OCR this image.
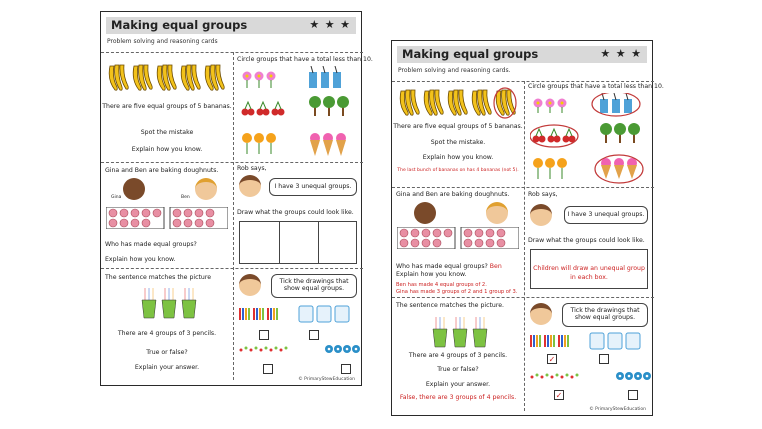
Making equal groups	★ ★ ★
Problem solving and reasoning cards
There are five equal groups of 5 bananas.
Spot the mistake
Explain how you know.
Circle groups that have a total less than 10.
Gina and Ben are baking doughnuts.
Gina	Ben
Who has made equal groups?
Explain how you know.
Rob says,
I have 3 unequal groups.
Draw what the groups could look like.
The sentence matches the picture
There are 4 groups of 3 pencils.
True or false?
Explain your answer.
Tick the drawings that
show equal groups.
© PrimaryStewEducation
Making equal groups	★ ★ ★
Problem solving and reasoning cards.
There are five equal groups of 5 bananas.
Spot the mistake.
Explain how you know.
The last bunch of bananas on has 4 bananas (not 5).
Circle groups that have a total less than 10.
Gina and Ben are baking doughnuts.
Who has made equal groups? Ben
Explain how you know.
Ben has made 4 equal groups of 2.
Gina has made 3 groups of 2 and 1 group of 3.
Rob says,
I have 3 unequal groups.
Draw what the groups could look like.
Children will draw an unequal group
in each box.
The sentence matches the picture.
There are 4 groups of 3 pencils.
True or false?
Explain your answer.
False, there are 3 groups of 4 pencils.
Tick the drawings that
show equal groups.
✓
✓
© PrimaryStewEducation
